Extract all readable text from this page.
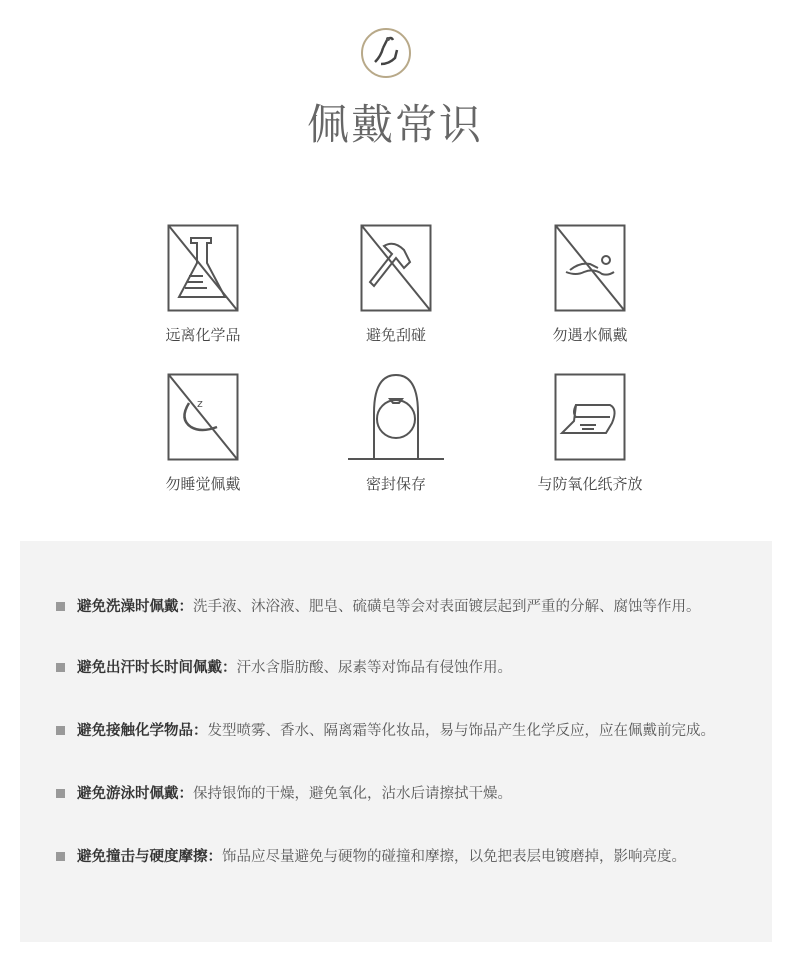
佩戴常识
远离化学品	避免刮碰	勿遇水佩戴
z
勿睡觉佩戴	密封保存	与防氧化纸齐放
避免洗澡时佩戴：洗手液、沐浴液、肥皂、硫磺皂等会对表面镀层起到严重的分解、腐蚀等作用。
避免出汗时长时间佩戴：汗水含脂肪酸、尿素等对饰品有侵蚀作用。
避免接触化学物品：发型喷雾、香水、隔离霜等化妆品，易与饰品产生化学反应，应在佩戴前完成。
避免游泳时佩戴：保持银饰的干燥，避免氧化，沾水后请擦拭干燥。
避免撞击与硬度摩擦：饰品应尽量避免与硬物的碰撞和摩擦，以免把表层电镀磨掉，影响亮度。
